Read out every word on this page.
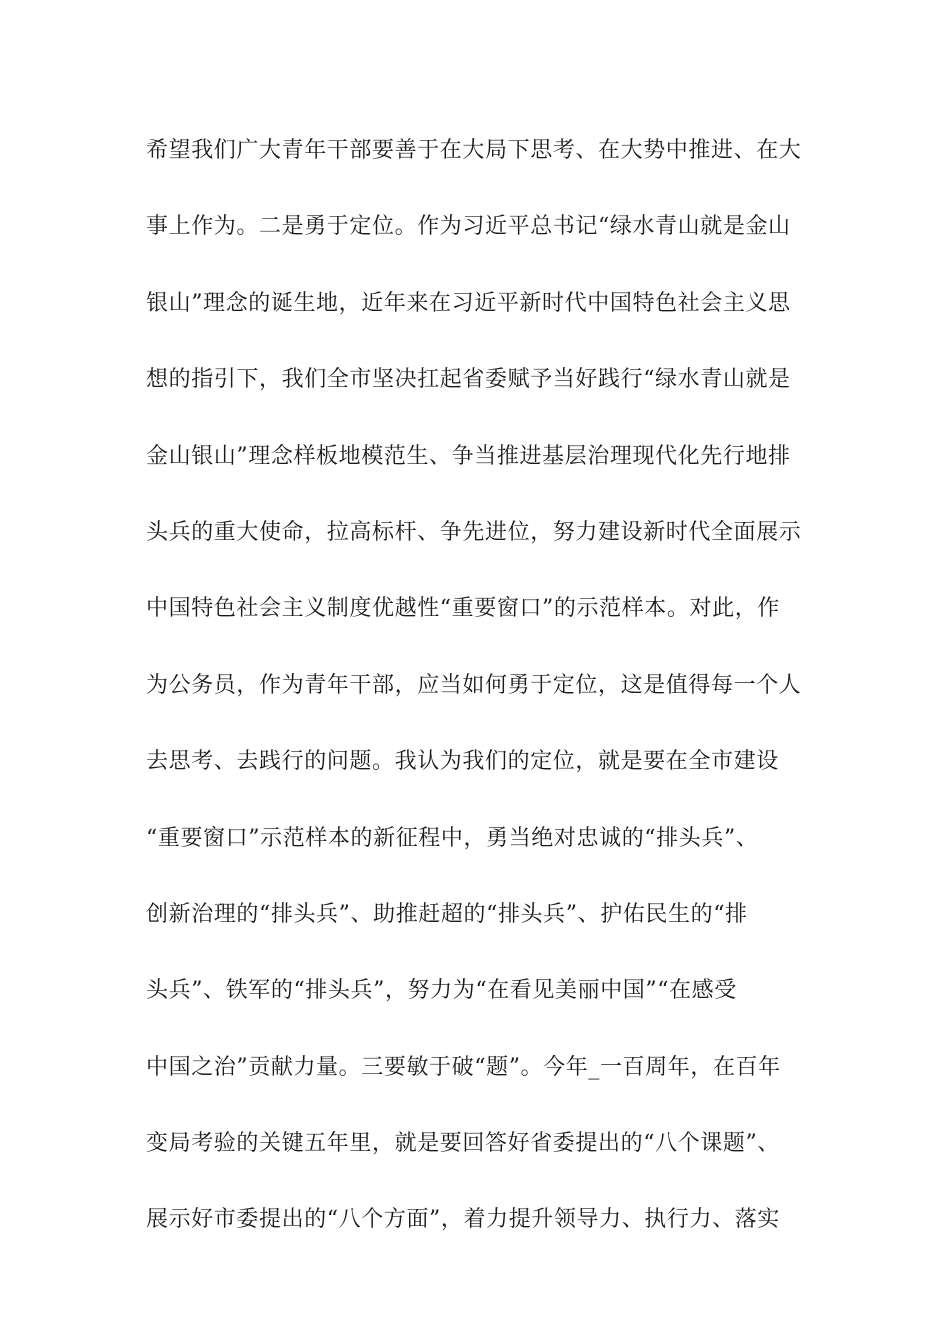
希望我们广大青年干部要善于在大局下思考、在大势中推进、在大
事上作为。二是勇于定位。作为习近平总书记“绿水青山就是金山
银山”理念的诞生地，近年来在习近平新时代中国特色社会主义思
想的指引下，我们全市坚决扛起省委赋予当好践行“绿水青山就是
金山银山”理念样板地模范生、争当推进基层治理现代化先行地排
头兵的重大使命，拉高标杆、争先进位，努力建设新时代全面展示
中国特色社会主义制度优越性“重要窗口”的示范样本。对此，作
为公务员，作为青年干部，应当如何勇于定位，这是值得每一个人
去思考、去践行的问题。我认为我们的定位，就是要在全市建设
“重要窗口”示范样本的新征程中，勇当绝对忠诚的“排头兵”、
创新治理的“排头兵”、助推赶超的“排头兵”、护佑民生的“排
头兵”、铁军的“排头兵”，努力为“在看见美丽中国”“在感受
中国之治”贡献力量。三要敏于破“题”。今年_一百周年，在百年
变局考验的关键五年里，就是要回答好省委提出的“八个课题”、
展示好市委提出的“八个方面”，着力提升领导力、执行力、落实
